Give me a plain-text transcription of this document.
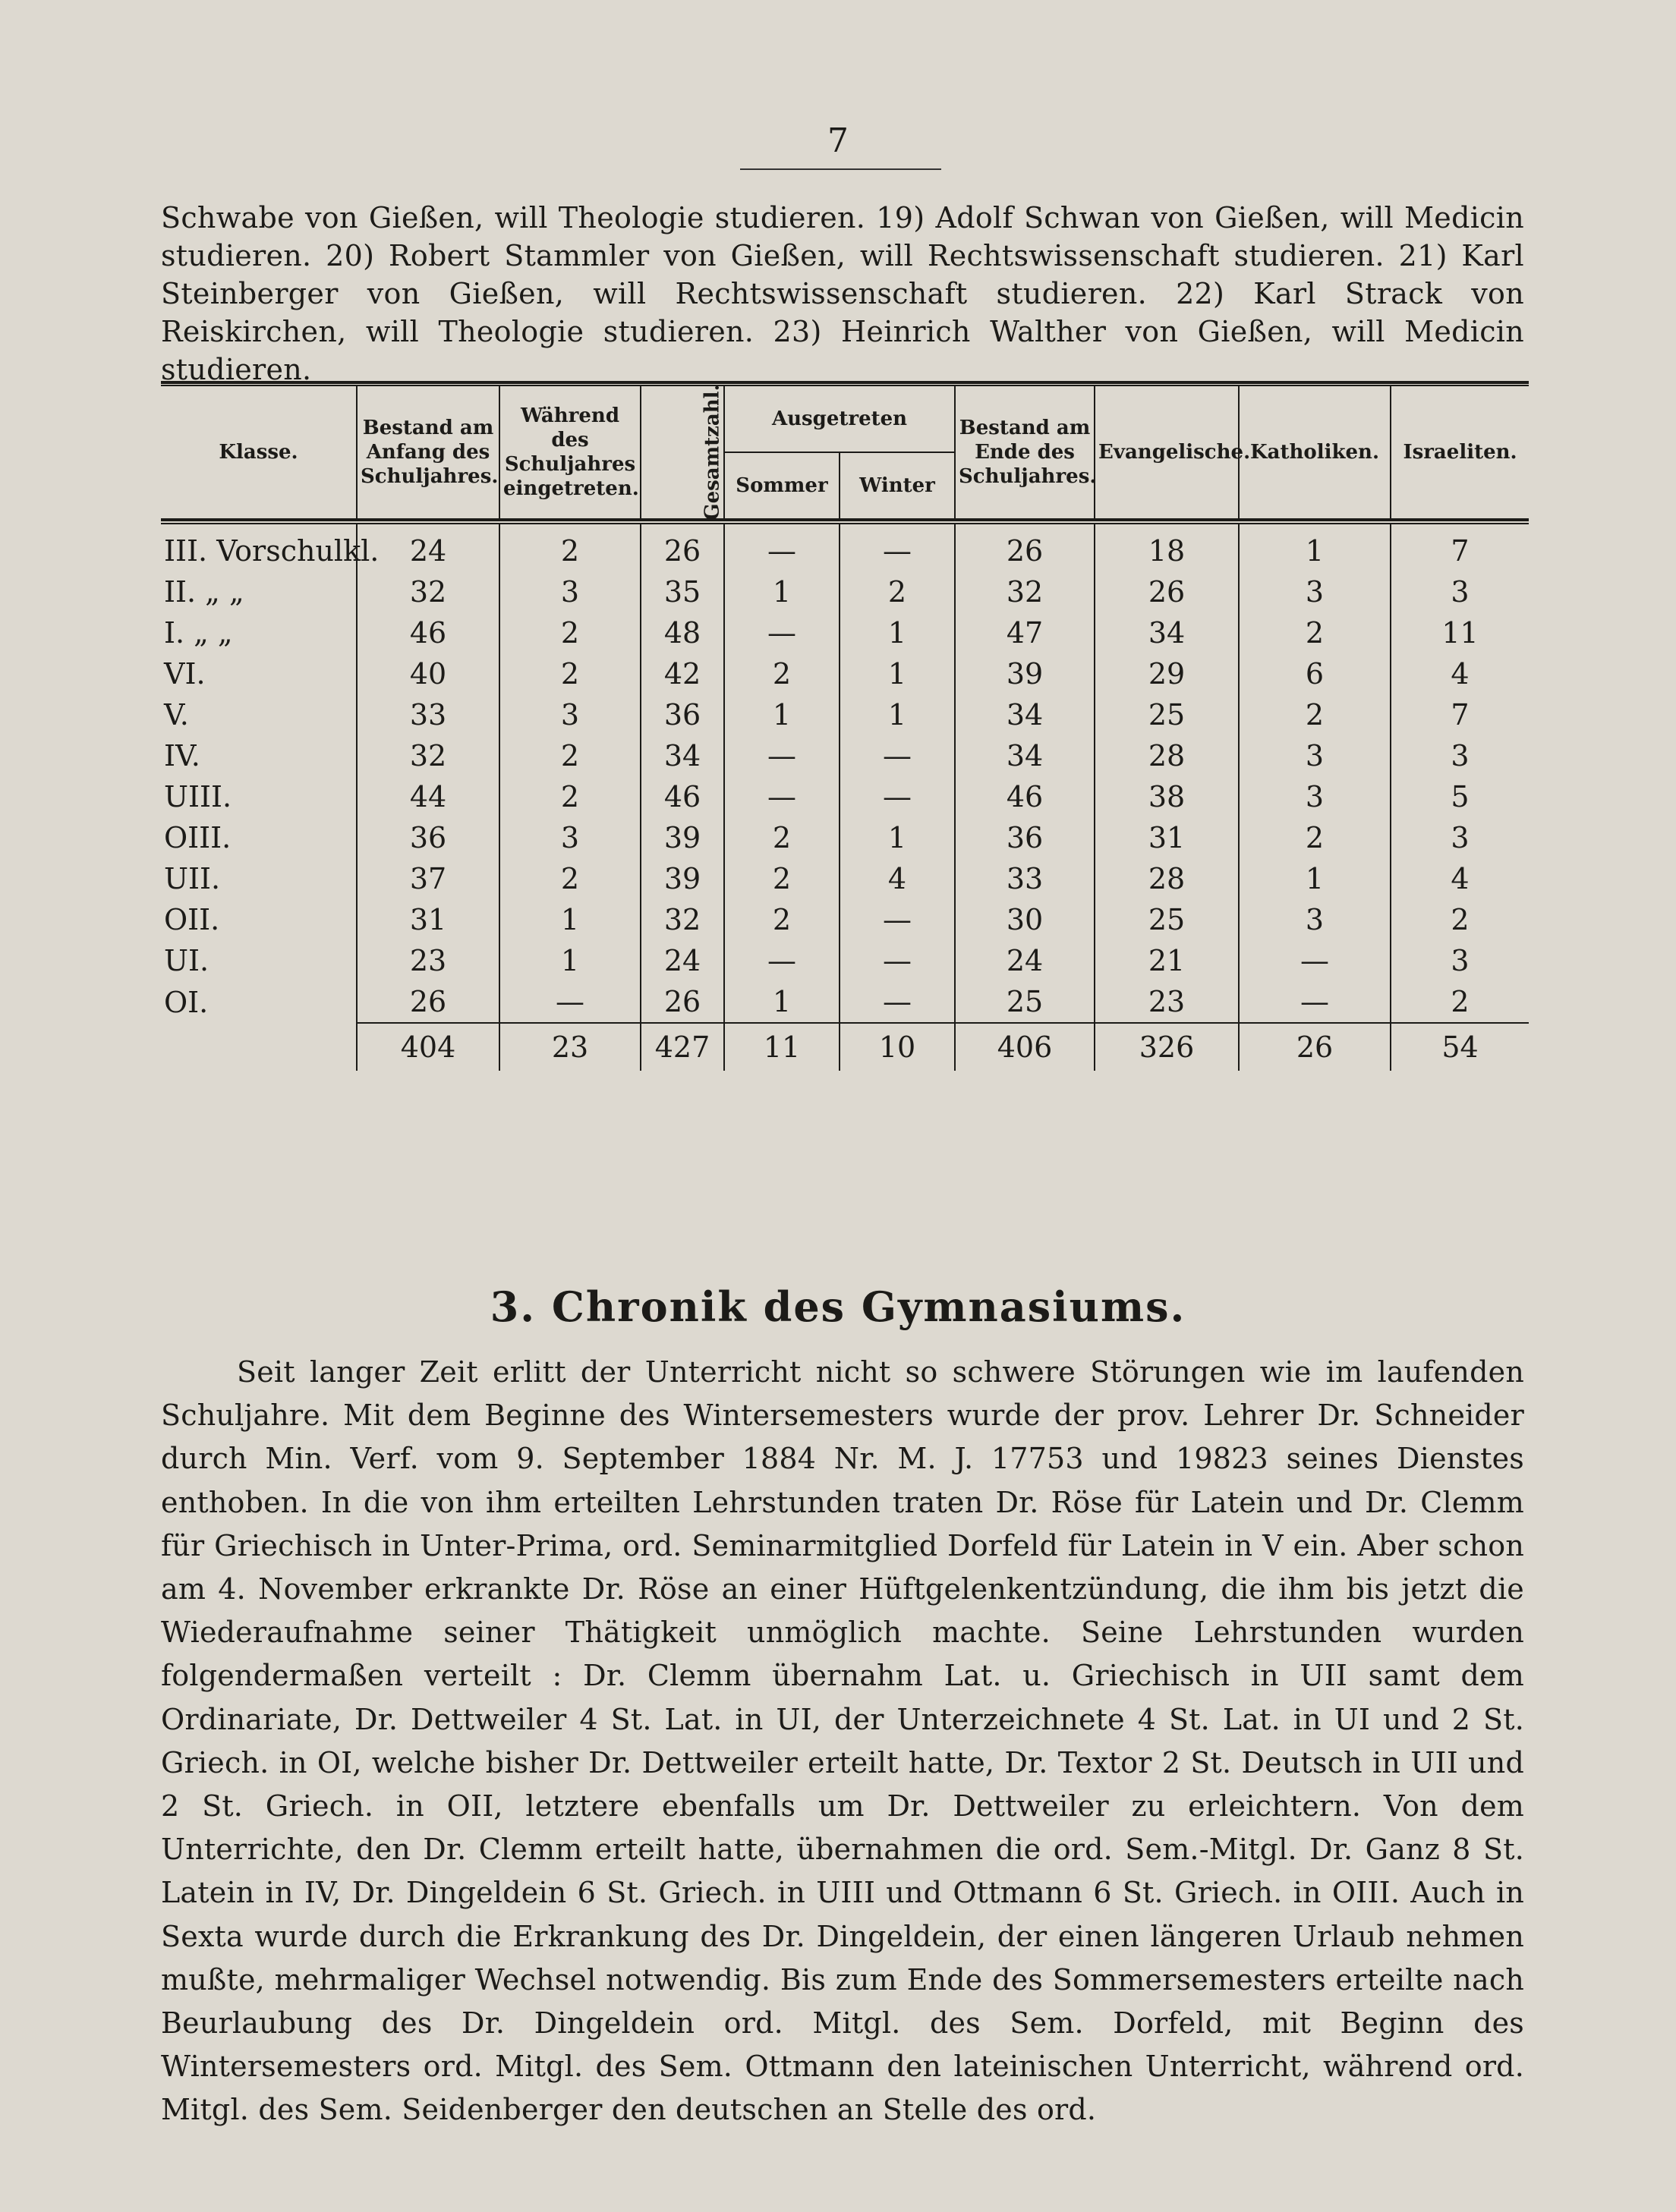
7

Schwabe von Gießen, will Theologie studieren. 19) Adolf Schwan von Gießen, will Medicin studieren. 20) Robert Stammler von Gießen, will Rechtswissenschaft studieren. 21) Karl Steinberger von Gießen, will Rechtswissenschaft studieren. 22) Karl Strack von Reiskirchen, will Theologie studieren. 23) Heinrich Walther von Gießen, will Medicin studieren.

Klasse.	Bestand am Anfang des Schuljahres.	Während des Schuljahres eingetreten.	Gesamtzahl.	Ausgetreten		Bestand am Ende des Schuljahres.	Evangelische.	Katholiken.	Israeliten.
				Sommer	Winter				
III. Vorschulkl.	24	2	26	—	—	26	18	1	7
II. „ „	32	3	35	1	2	32	26	3	3
I. „ „	46	2	48	—	1	47	34	2	11
VI.	40	2	42	2	1	39	29	6	4
V.	33	3	36	1	1	34	25	2	7
IV.	32	2	34	—	—	34	28	3	3
UIII.	44	2	46	—	—	46	38	3	5
OIII.	36	3	39	2	1	36	31	2	3
UII.	37	2	39	2	4	33	28	1	4
OII.	31	1	32	2	—	30	25	3	2
UI.	23	1	24	—	—	24	21	—	3
OI.	26	—	26	1	—	25	23	—	2
	404	23	427	11	10	406	326	26	54
3. Chronik des Gymnasiums.

Seit langer Zeit erlitt der Unterricht nicht so schwere Störungen wie im laufenden Schuljahre. Mit dem Beginne des Wintersemesters wurde der prov. Lehrer Dr. Schneider durch Min. Verf. vom 9. September 1884 Nr. M. J. 17753 und 19823 seines Dienstes enthoben. In die von ihm erteilten Lehrstunden traten Dr. Röse für Latein und Dr. Clemm für Griechisch in Unter-Prima, ord. Seminarmitglied Dorfeld für Latein in V ein. Aber schon am 4. November erkrankte Dr. Röse an einer Hüftgelenkentzündung, die ihm bis jetzt die Wiederaufnahme seiner Thätigkeit unmöglich machte. Seine Lehrstunden wurden folgendermaßen verteilt : Dr. Clemm übernahm Lat. u. Griechisch in UII samt dem Ordinariate, Dr. Dettweiler 4 St. Lat. in UI, der Unterzeichnete 4 St. Lat. in UI und 2 St. Griech. in OI, welche bisher Dr. Dettweiler erteilt hatte, Dr. Textor 2 St. Deutsch in UII und 2 St. Griech. in OII, letztere ebenfalls um Dr. Dettweiler zu erleichtern. Von dem Unterrichte, den Dr. Clemm erteilt hatte, übernahmen die ord. Sem.-Mitgl. Dr. Ganz 8 St. Latein in IV, Dr. Dingeldein 6 St. Griech. in UIII und Ottmann 6 St. Griech. in OIII. Auch in Sexta wurde durch die Erkrankung des Dr. Dingeldein, der einen längeren Urlaub nehmen mußte, mehrmaliger Wechsel notwendig. Bis zum Ende des Sommersemesters erteilte nach Beurlaubung des Dr. Dingeldein ord. Mitgl. des Sem. Dorfeld, mit Beginn des Wintersemesters ord. Mitgl. des Sem. Ottmann den lateinischen Unterricht, während ord. Mitgl. des Sem. Seidenberger den deutschen an Stelle des ord.
